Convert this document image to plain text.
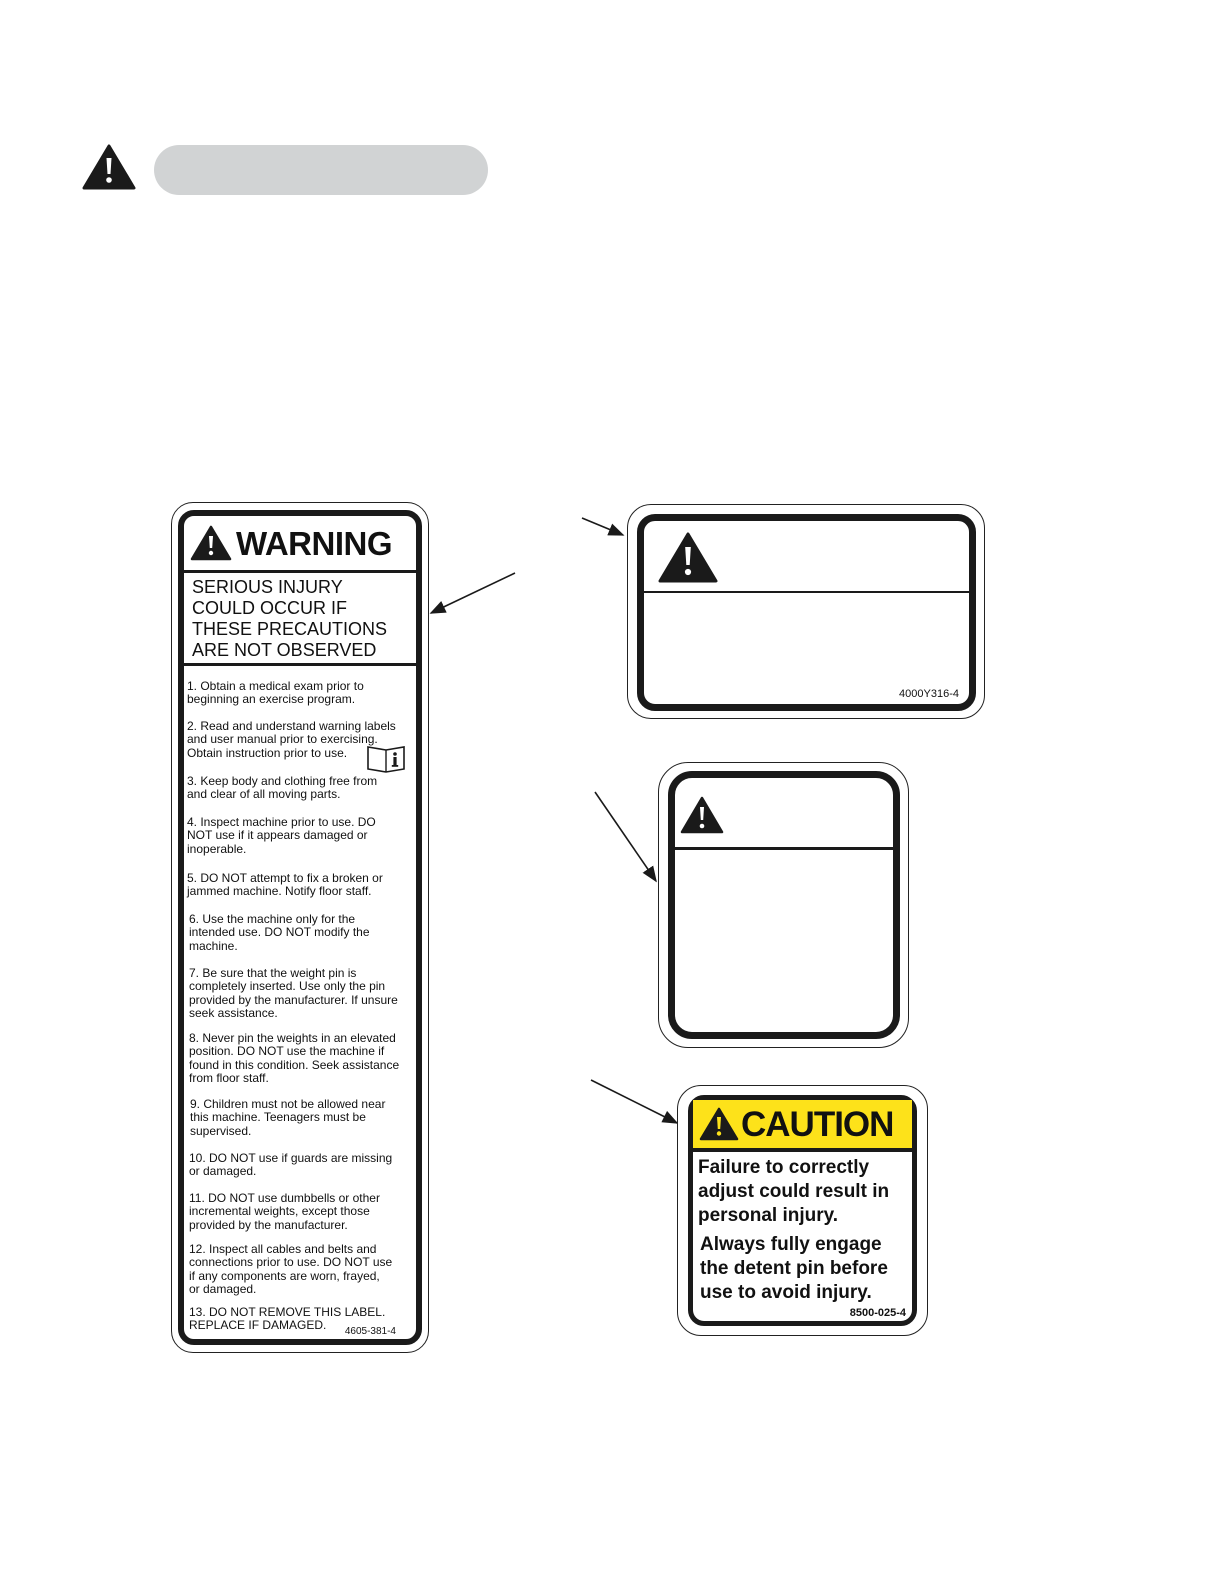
WARNING
SERIOUS INJURY
COULD OCCUR IF
THESE PRECAUTIONS
ARE NOT OBSERVED
1. Obtain a medical exam prior to
beginning an exercise program.
2. Read and understand warning labels
and user manual prior to exercising.
Obtain instruction prior to use.
3. Keep body and clothing free from
and clear of all moving parts.
4. Inspect machine prior to use. DO
NOT use if it appears damaged or
inoperable.
5. DO NOT attempt to fix a broken or
jammed machine. Notify floor staff.
6. Use the machine only for the
intended use. DO NOT modify the
machine.
7. Be sure that the weight pin is
completely inserted. Use only the pin
provided by the manufacturer. If unsure
seek assistance.
8. Never pin the weights in an elevated
position. DO NOT use the machine if
found in this condition. Seek assistance
from floor staff.
9. Children must not be allowed near
this machine. Teenagers must be
supervised.
10. DO NOT use if guards are missing
or damaged.
11. DO NOT use dumbbells or other
incremental weights, except those
provided by the manufacturer.
12. Inspect all cables and belts and
connections prior to use. DO NOT use
if any components are worn, frayed,
or damaged.
13. DO NOT REMOVE THIS LABEL.
REPLACE IF DAMAGED.	4605-381-4
4000Y316-4
CAUTION
Failure to correctly
adjust could result in
personal injury.
Always fully engage
the detent pin before
use to avoid injury.
8500-025-4
